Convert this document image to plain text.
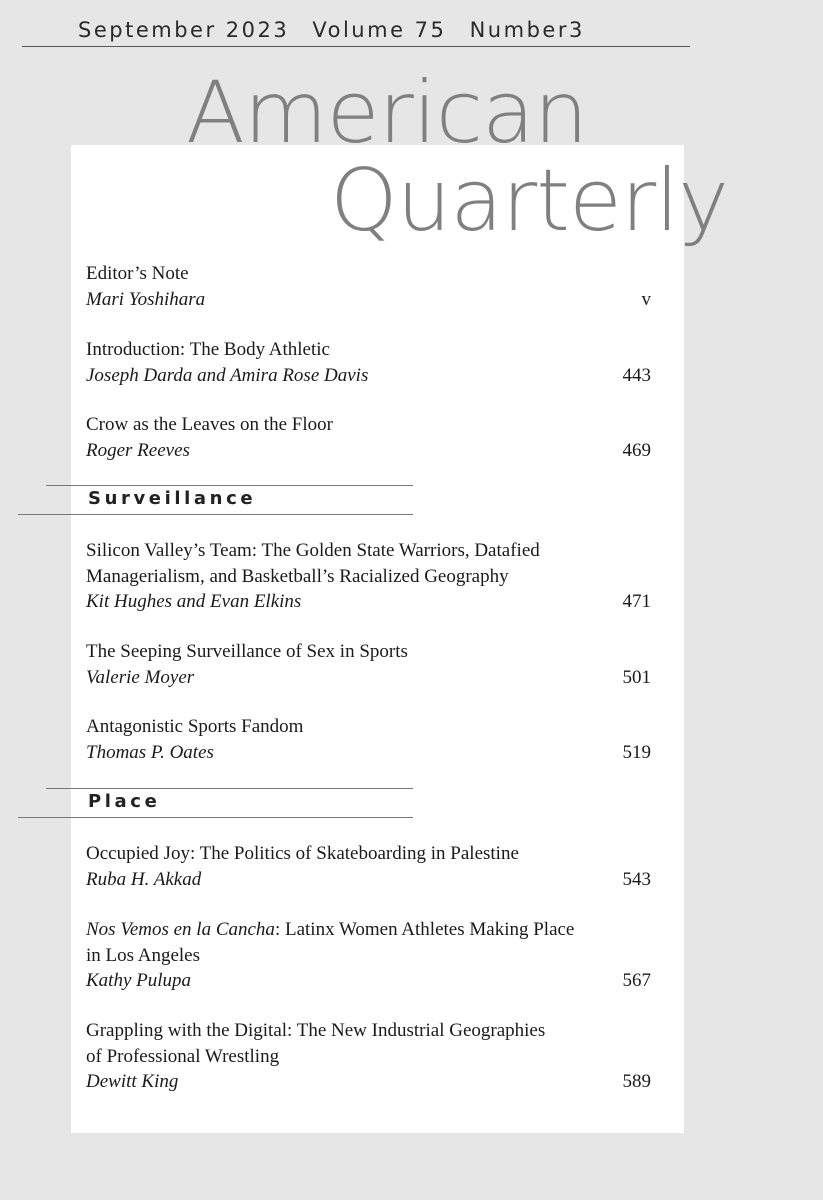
September 2023 Volume 75 Number3
American
Quarterly
Editor’s Note
Mari Yoshihara	v
Introduction: The Body Athletic
Joseph Darda and Amira Rose Davis	443
Crow as the Leaves on the Floor
Roger Reeves	469
Surveillance
Silicon Valley’s Team: The Golden State Warriors, Datafied
Managerialism, and Basketball’s Racialized Geography
Kit Hughes and Evan Elkins	471
The Seeping Surveillance of Sex in Sports
Valerie Moyer	501
Antagonistic Sports Fandom
Thomas P. Oates	519
Place
Occupied Joy: The Politics of Skateboarding in Palestine
Ruba H. Akkad	543
Nos Vemos en la Cancha: Latinx Women Athletes Making Place
in Los Angeles
Kathy Pulupa	567
Grappling with the Digital: The New Industrial Geographies
of Professional Wrestling
Dewitt King	589
